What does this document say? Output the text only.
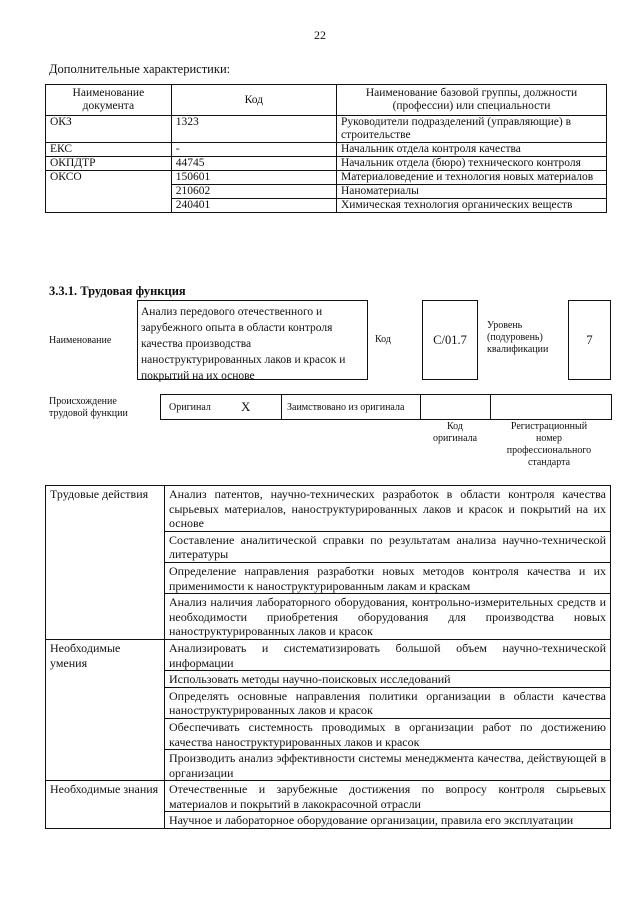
22
Дополнительные характеристики:
Наименование документа	Код	Наименование базовой группы, должности (профессии) или специальности
ОКЗ	1323	Руководители подразделений (управляющие) в строительстве
ЕКС	-	Начальник отдела контроля качества
ОКПДТР	44745	Начальник отдела (бюро) технического контроля
ОКСО	150601	Материаловедение и технология новых материалов
	210602	Наноматериалы
	240401	Химическая технология органических веществ
3.3.1. Трудовая функция
Наименование
Анализ передового отечественного и зарубежного опыта в области контроля качества производства наноструктурированных лаков и красок и покрытий на их основе
Код	C/01.7
Уровень (подуровень) квалификации
7
Происхождение трудовой функции
Оригинал X	Заимствовано из оригинала
Код оригинала
Регистрационный номер профессионального стандарта
Трудовые действия	Анализ патентов, научно-технических разработок в области контроля качества сырьевых материалов, наноструктурированных лаков и красок и покрытий на их основе
	Составление аналитической справки по результатам анализа научно-технической литературы
	Определение направления разработки новых методов контроля качества и их применимости к наноструктурированным лакам и краскам
	Анализ наличия лабораторного оборудования, контрольно-измерительных средств и необходимости приобретения оборудования для производства новых наноструктурированных лаков и красок
Необходимые умения	Анализировать и систематизировать большой объем научно-технической информации
	Использовать методы научно-поисковых исследований
	Определять основные направления политики организации в области качества наноструктурированных лаков и красок
	Обеспечивать системность проводимых в организации работ по достижению качества наноструктурированных лаков и красок
	Производить анализ эффективности системы менеджмента качества, действующей в организации
Необходимые знания	Отечественные и зарубежные достижения по вопросу контроля сырьевых материалов и покрытий в лакокрасочной отрасли
	Научное и лабораторное оборудование организации, правила его эксплуатации
